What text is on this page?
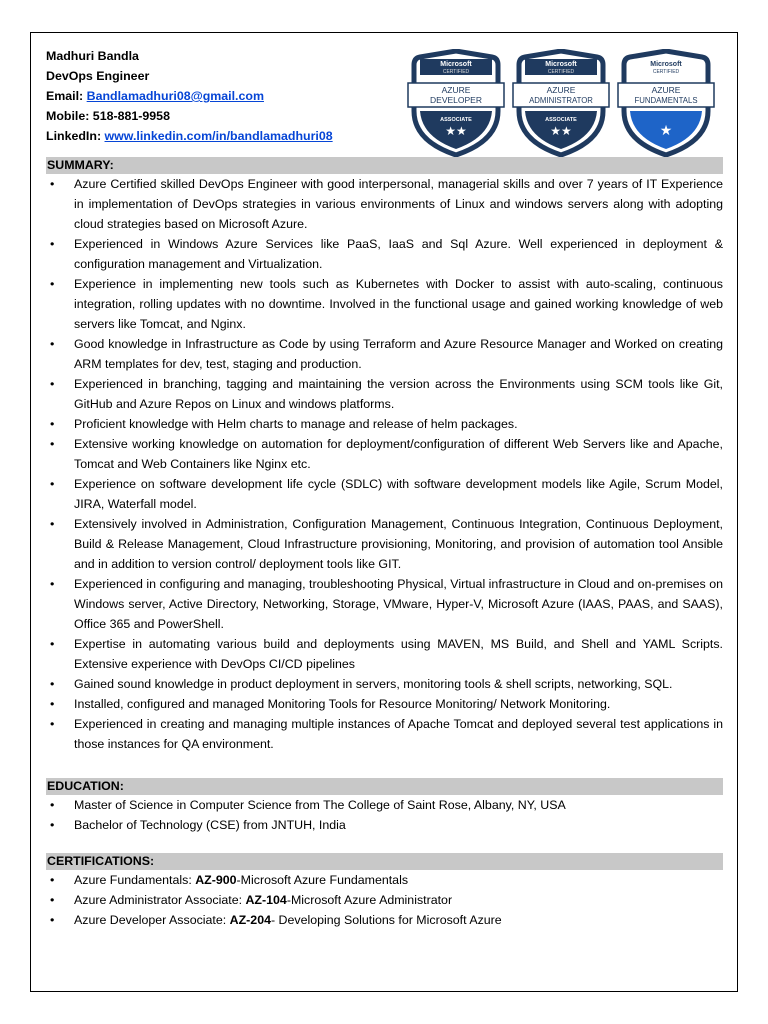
Madhuri Bandla
DevOps Engineer
Email: Bandlamadhuri08@gmail.com
Mobile: 518-881-9958
LinkedIn: www.linkedin.com/in/bandlamadhuri08
Microsoft
CERTIFIED
AZURE
DEVELOPER
ASSOCIATE
★★
Microsoft
CERTIFIED
AZURE
ADMINISTRATOR
ASSOCIATE
★★
Microsoft
CERTIFIED
AZURE
FUNDAMENTALS
★
SUMMARY:
• Azure Certified skilled DevOps Engineer with good interpersonal, managerial skills and over 7 years of IT Experience in implementation of DevOps strategies in various environments of Linux and windows servers along with adopting cloud strategies based on Microsoft Azure.
• Experienced in Windows Azure Services like PaaS, IaaS and Sql Azure. Well experienced in deployment & configuration management and Virtualization.
• Experience in implementing new tools such as Kubernetes with Docker to assist with auto-scaling, continuous integration, rolling updates with no downtime. Involved in the functional usage and gained working knowledge of web servers like Tomcat, and Nginx.
• Good knowledge in Infrastructure as Code by using Terraform and Azure Resource Manager and Worked on creating ARM templates for dev, test, staging and production.
• Experienced in branching, tagging and maintaining the version across the Environments using SCM tools like Git, GitHub and Azure Repos on Linux and windows platforms.
• Proficient knowledge with Helm charts to manage and release of helm packages.
• Extensive working knowledge on automation for deployment/configuration of different Web Servers like and Apache, Tomcat and Web Containers like Nginx etc.
• Experience on software development life cycle (SDLC) with software development models like Agile, Scrum Model, JIRA, Waterfall model.
• Extensively involved in Administration, Configuration Management, Continuous Integration, Continuous Deployment, Build & Release Management, Cloud Infrastructure provisioning, Monitoring, and provision of automation tool Ansible and in addition to version control/ deployment tools like GIT.
• Experienced in configuring and managing, troubleshooting Physical, Virtual infrastructure in Cloud and on-premises on Windows server, Active Directory, Networking, Storage, VMware, Hyper-V, Microsoft Azure (IAAS, PAAS, and SAAS), Office 365 and PowerShell.
• Expertise in automating various build and deployments using MAVEN, MS Build, and Shell and YAML Scripts. Extensive experience with DevOps CI/CD pipelines
• Gained sound knowledge in product deployment in servers, monitoring tools & shell scripts, networking, SQL.
• Installed, configured and managed Monitoring Tools for Resource Monitoring/ Network Monitoring.
• Experienced in creating and managing multiple instances of Apache Tomcat and deployed several test applications in those instances for QA environment.
EDUCATION:
• Master of Science in Computer Science from The College of Saint Rose, Albany, NY, USA
• Bachelor of Technology (CSE) from JNTUH, India
CERTIFICATIONS:
• Azure Fundamentals: AZ-900-Microsoft Azure Fundamentals
• Azure Administrator Associate: AZ-104-Microsoft Azure Administrator
• Azure Developer Associate: AZ-204- Developing Solutions for Microsoft Azure
